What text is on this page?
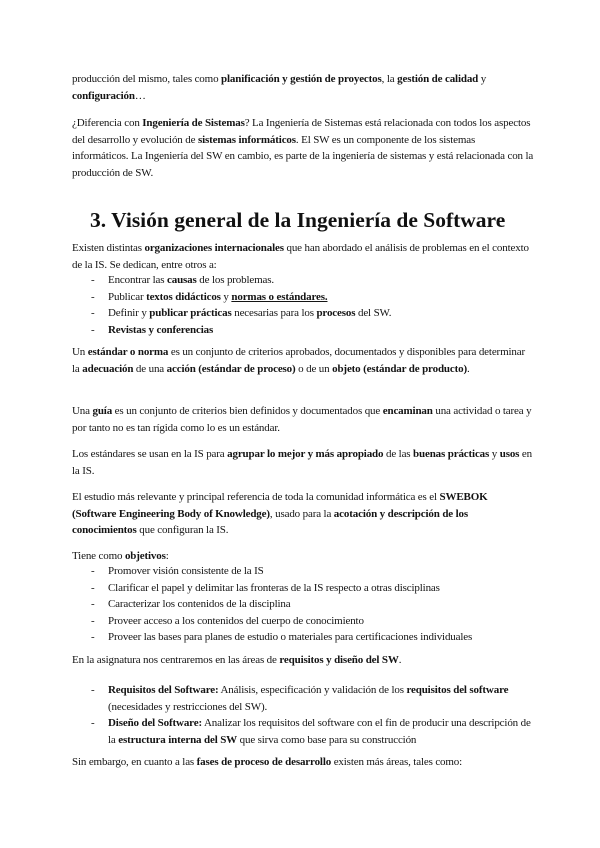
producción del mismo, tales como planificación y gestión de proyectos, la gestión de calidad y configuración…

¿Diferencia con Ingeniería de Sistemas? La Ingeniería de Sistemas está relacionada con todos los aspectos del desarrollo y evolución de sistemas informáticos. El SW es un componente de los sistemas informáticos. La Ingeniería del SW en cambio, es parte de la ingeniería de sistemas y está relacionada con la producción de SW.

3. Visión general de la Ingeniería de Software

Existen distintas organizaciones internacionales que han abordado el análisis de problemas en el contexto de la IS. Se dedican, entre otros a:

- Encontrar las causas de los problemas.
- Publicar textos didácticos y normas o estándares.
- Definir y publicar prácticas necesarias para los procesos del SW.
- Revistas y conferencias

Un estándar o norma es un conjunto de criterios aprobados, documentados y disponibles para determinar la adecuación de una acción (estándar de proceso) o de un objeto (estándar de producto).

Una guía es un conjunto de criterios bien definidos y documentados que encaminan una actividad o tarea y por tanto no es tan rígida como lo es un estándar.

Los estándares se usan en la IS para agrupar lo mejor y más apropiado de las buenas prácticas y usos en la IS.

El estudio más relevante y principal referencia de toda la comunidad informática es el SWEBOK (Software Engineering Body of Knowledge), usado para la acotación y descripción de los conocimientos que configuran la IS.

Tiene como objetivos:

- Promover visión consistente de la IS
- Clarificar el papel y delimitar las fronteras de la IS respecto a otras disciplinas
- Caracterizar los contenidos de la disciplina
- Proveer acceso a los contenidos del cuerpo de conocimiento
- Proveer las bases para planes de estudio o materiales para certificaciones individuales

En la asignatura nos centraremos en las áreas de requisitos y diseño del SW.

- Requisitos del Software: Análisis, especificación y validación de los requisitos del software (necesidades y restricciones del SW).
- Diseño del Software: Analizar los requisitos del software con el fin de producir una descripción de la estructura interna del SW que sirva como base para su construcción

Sin embargo, en cuanto a las fases de proceso de desarrollo existen más áreas, tales como:
